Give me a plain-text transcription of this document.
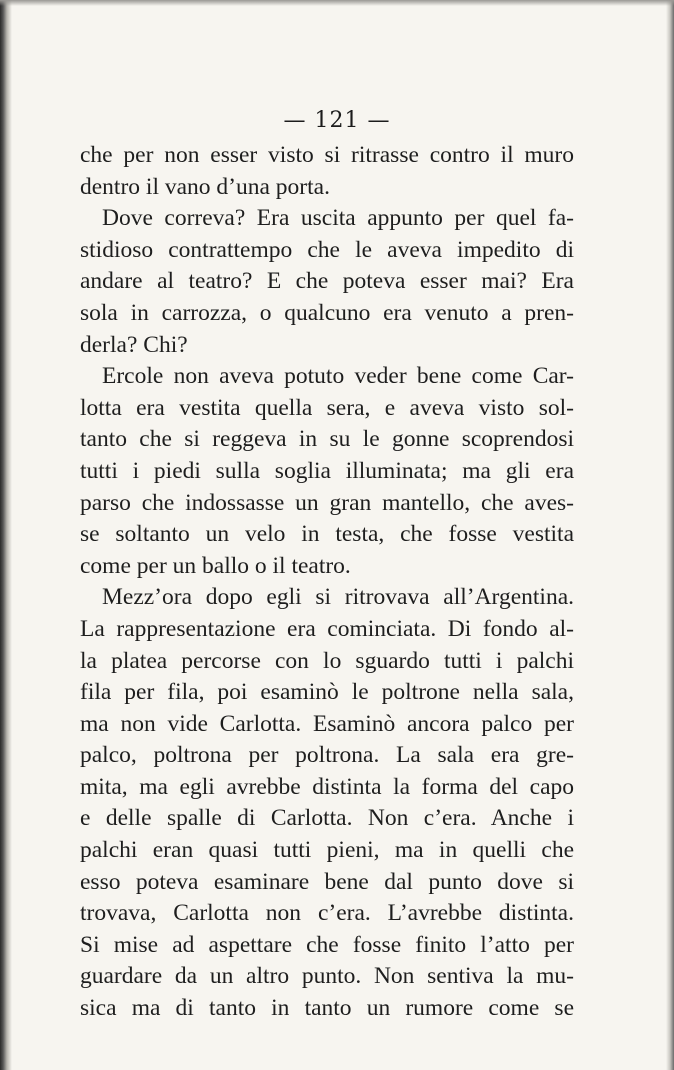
— 121 —
che per non esser visto si ritrasse contro il muro
dentro il vano d’una porta.
Dove correva? Era uscita appunto per quel fa-
stidioso contrattempo che le aveva impedito di
andare al teatro? E che poteva esser mai? Era
sola in carrozza, o qualcuno era venuto a pren-
derla? Chi?
Ercole non aveva potuto veder bene come Car-
lotta era vestita quella sera, e aveva visto sol-
tanto che si reggeva in su le gonne scoprendosi
tutti i piedi sulla soglia illuminata; ma gli era
parso che indossasse un gran mantello, che aves-
se soltanto un velo in testa, che fosse vestita
come per un ballo o il teatro.
Mezz’ora dopo egli si ritrovava all’Argentina.
La rappresentazione era cominciata. Di fondo al-
la platea percorse con lo sguardo tutti i palchi
fila per fila, poi esaminò le poltrone nella sala,
ma non vide Carlotta. Esaminò ancora palco per
palco, poltrona per poltrona. La sala era gre-
mita, ma egli avrebbe distinta la forma del capo
e delle spalle di Carlotta. Non c’era. Anche i
palchi eran quasi tutti pieni, ma in quelli che
esso poteva esaminare bene dal punto dove si
trovava, Carlotta non c’era. L’avrebbe distinta.
Si mise ad aspettare che fosse finito l’atto per
guardare da un altro punto. Non sentiva la mu-
sica ma di tanto in tanto un rumore come se
